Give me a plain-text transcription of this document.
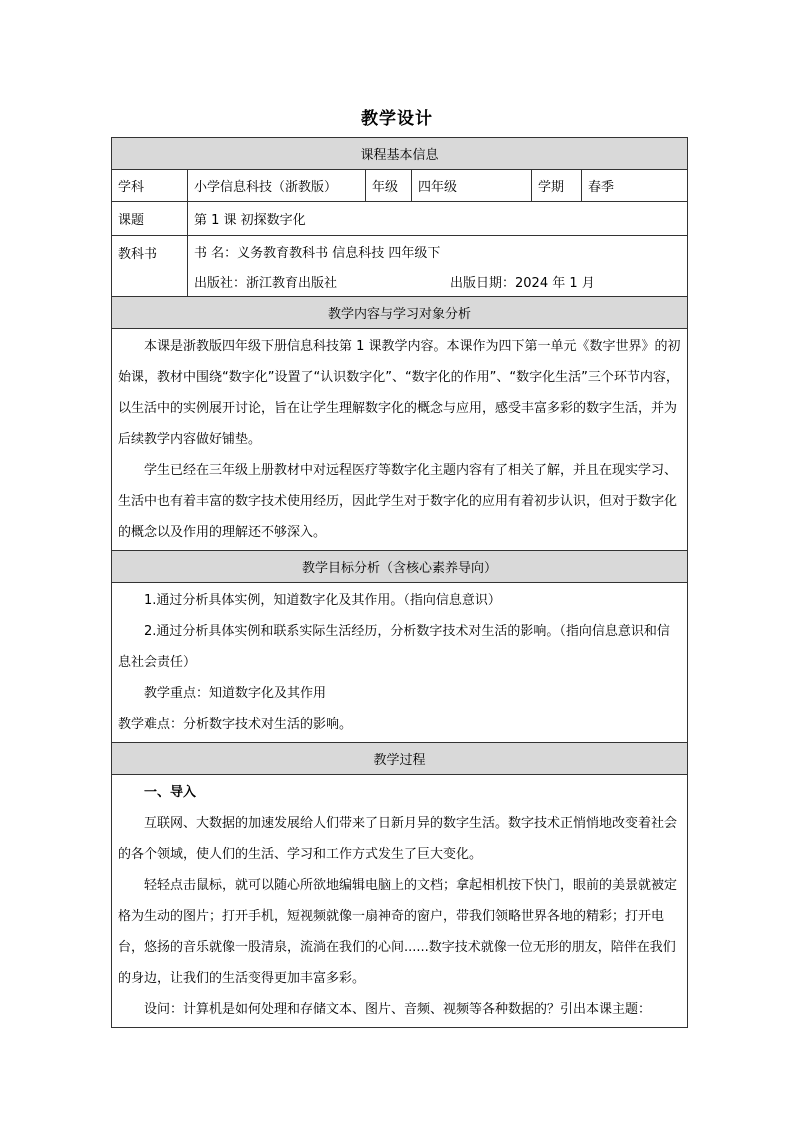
教学设计
课程基本信息					
学科	小学信息科技（浙教版）	年级	四年级	学期	春季
课题	第 1 课 初探数字化				
教科书	书 名：义务教育教科书 信息科技 四年级下				
	出版社：浙江教育出版社 出版日期：2024 年 1 月				
教学内容与学习对象分析					

本课是浙教版四年级下册信息科技第 1 课教学内容。本课作为四下第一单元《数字世界》的初始课，教材中围绕“数字化”设置了“认识数字化”、“数字化的作用”、“数字化生活”三个环节内容，以生活中的实例展开讨论，旨在让学生理解数字化的概念与应用，感受丰富多彩的数字生活，并为后续教学内容做好铺垫。

学生已经在三年级上册教材中对远程医疗等数字化主题内容有了相关了解，并且在现实学习、生活中也有着丰富的数字技术使用经历，因此学生对于数字化的应用有着初步认识，但对于数字化的概念以及作用的理解还不够深入。					

教学目标分析（含核心素养导向）					

1.通过分析具体实例，知道数字化及其作用。（指向信息意识）

2.通过分析具体实例和联系实际生活经历，分析数字技术对生活的影响。（指向信息意识和信息社会责任）

教学重点：知道数字化及其作用

教学难点：分析数字技术对生活的影响。					

教学过程					

一、导入

互联网、大数据的加速发展给人们带来了日新月异的数字生活。数字技术正悄悄地改变着社会的各个领域，使人们的生活、学习和工作方式发生了巨大变化。

轻轻点击鼠标，就可以随心所欲地编辑电脑上的文档；拿起相机按下快门，眼前的美景就被定格为生动的图片；打开手机，短视频就像一扇神奇的窗户，带我们领略世界各地的精彩；打开电台，悠扬的音乐就像一股清泉，流淌在我们的心间......数字技术就像一位无形的朋友，陪伴在我们的身边，让我们的生活变得更加丰富多彩。

设问：计算机是如何处理和存储文本、图片、音频、视频等各种数据的？引出本课主题：					
